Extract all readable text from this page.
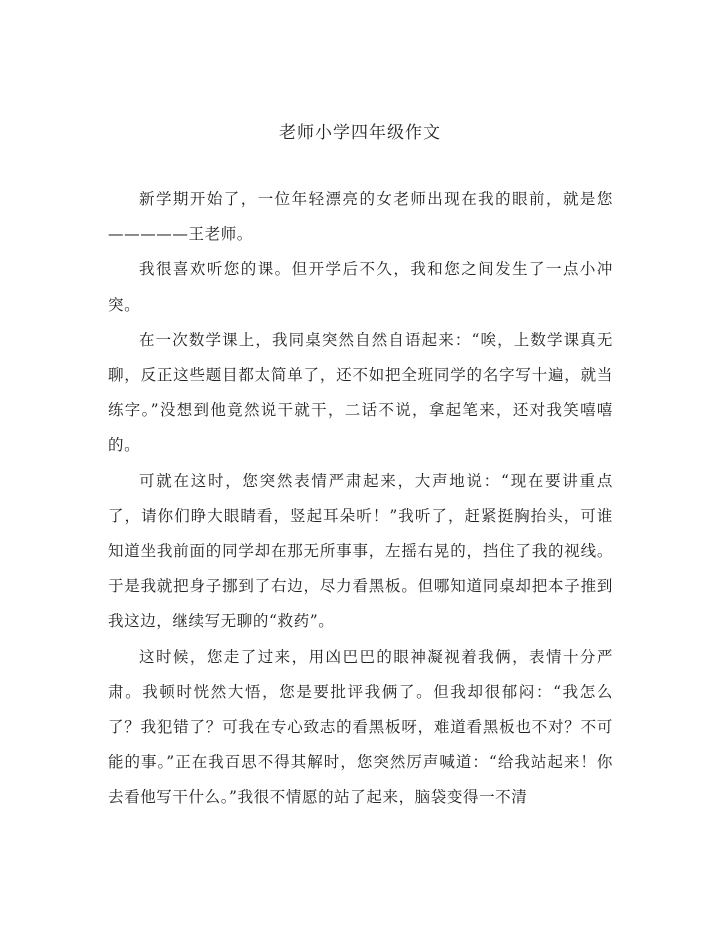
老师小学四年级作文

新学期开始了，一位年轻漂亮的女老师出现在我的眼前，就是您—————王老师。

我很喜欢听您的课。但开学后不久，我和您之间发生了一点小冲突。

在一次数学课上，我同桌突然自然自语起来：“唉，上数学课真无聊，反正这些题目都太简单了，还不如把全班同学的名字写十遍，就当练字。”没想到他竟然说干就干，二话不说，拿起笔来，还对我笑嘻嘻的。

可就在这时，您突然表情严肃起来，大声地说：“现在要讲重点了，请你们睁大眼睛看，竖起耳朵听！”我听了，赶紧挺胸抬头，可谁知道坐我前面的同学却在那无所事事，左摇右晃的，挡住了我的视线。于是我就把身子挪到了右边，尽力看黑板。但哪知道同桌却把本子推到我这边，继续写无聊的“救药”。

这时候，您走了过来，用凶巴巴的眼神凝视着我俩，表情十分严肃。我顿时恍然大悟，您是要批评我俩了。但我却很郁闷：“我怎么了？我犯错了？可我在专心致志的看黑板呀，难道看黑板也不对？不可能的事。”正在我百思不得其解时，您突然厉声喊道：“给我站起来！你去看他写干什么。”我很不情愿的站了起来，脑袋变得一不清
